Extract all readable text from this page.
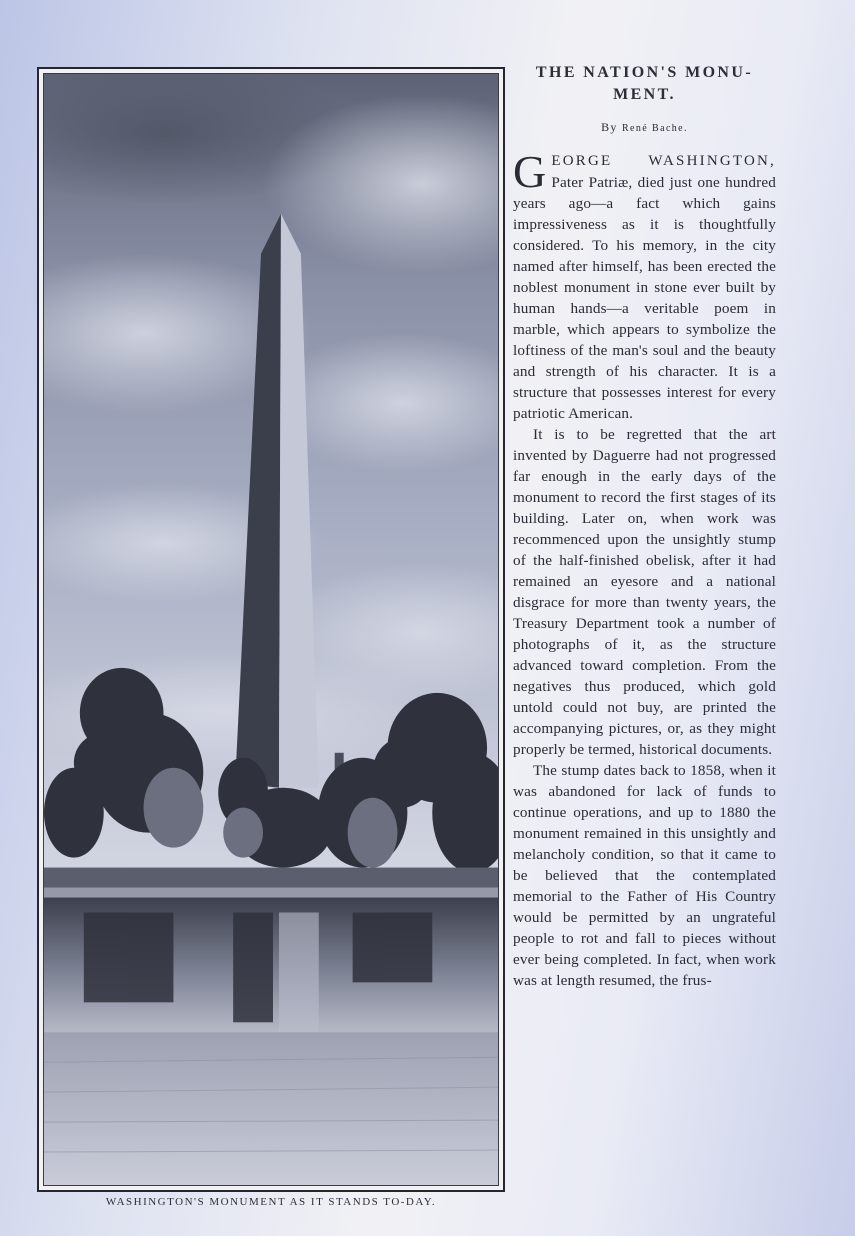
WASHINGTON'S MONUMENT AS IT STANDS TO-DAY.
THE NATION'S MONU- MENT.
By René Bache.

GEORGE WASHINGTON, Pater Patriæ, died just one hundred years ago—a fact which gains impressiveness as it is thoughtfully considered. To his memory, in the city named after himself, has been erected the noblest monument in stone ever built by human hands—a veritable poem in marble, which appears to symbolize the loftiness of the man's soul and the beauty and strength of his character. It is a structure that possesses interest for every patriotic American.

It is to be regretted that the art invented by Daguerre had not progressed far enough in the early days of the monument to record the first stages of its building. Later on, when work was recommenced upon the unsightly stump of the half-finished obelisk, after it had remained an eyesore and a national disgrace for more than twenty years, the Treasury Department took a number of photographs of it, as the structure advanced toward completion. From the negatives thus produced, which gold untold could not buy, are printed the accompanying pictures, or, as they might properly be termed, historical documents.

The stump dates back to 1858, when it was abandoned for lack of funds to continue operations, and up to 1880 the monument remained in this unsightly and melancholy condition, so that it came to be believed that the contemplated memorial to the Father of His Country would be permitted by an ungrateful people to rot and fall to pieces without ever being completed. In fact, when work was at length resumed, the frus-
